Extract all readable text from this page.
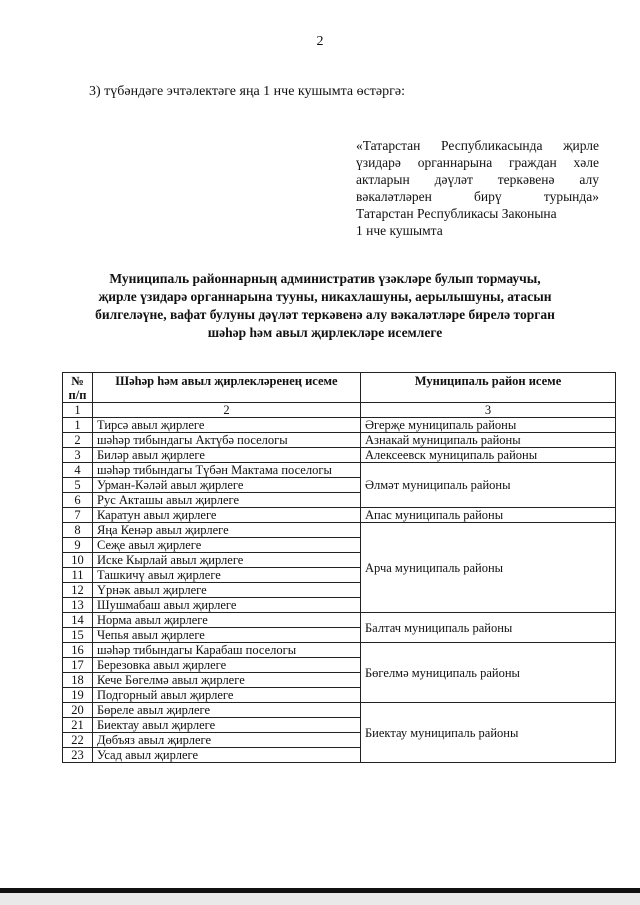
2
3) түбәндәге эчтәлектәге яңа 1 нче кушымта өстәргә:
«Татарстан Республикасында җирле
үзидарә органнарына граждан хәле
актларын дәүләт теркәвенә алу
вәкаләтләрен бирү турында»
Татарстан Республикасы Законына
1 нче кушымта
Муниципаль районнарның административ үзәкләре булып тормаучы,
җирле үзидарә органнарына тууны, никахлашуны, аерылышуны, атасын
билгеләүне, вафат булуны дәүләт теркәвенә алу вәкаләтләре бирелә торган
шәһәр һәм авыл җирлекләре исемлеге
№ п/п	Шәһәр һәм авыл җирлекләренең исеме	Муниципаль район исеме
1	2	3
1	Тирсә авыл җирлеге	Әгерҗе муниципаль районы
2	шәһәр тибындагы Актүбә поселогы	Азнакай муниципаль районы
3	Биләр авыл җирлеге	Алексеевск муниципаль районы
4	шәһәр тибындагы Түбән Мактама поселогы	Әлмәт муниципаль районы
5	Урман-Кәләй авыл җирлеге	
6	Рус Акташы авыл җирлеге	
7	Каратун авыл җирлеге	Апас муниципаль районы
8	Яңа Кенәр авыл җирлеге	Арча муниципаль районы
9	Сеҗе авыл җирлеге	
10	Иске Кырлай авыл җирлеге	
11	Ташкичү авыл җирлеге	
12	Үрнәк авыл җирлеге	
13	Шушмабаш авыл җирлеге	
14	Норма авыл җирлеге	Балтач муниципаль районы
15	Чепья авыл җирлеге	
16	шәһәр тибындагы Карабаш поселогы	Бөгелмә муниципаль районы
17	Березовка авыл җирлеге	
18	Кече Бөгелмә авыл җирлеге	
19	Подгорный авыл җирлеге	
20	Бөреле авыл җирлеге	Биектау муниципаль районы
21	Биектау авыл җирлеге	
22	Дөбъяз авыл җирлеге	
23	Усад авыл җирлеге	
